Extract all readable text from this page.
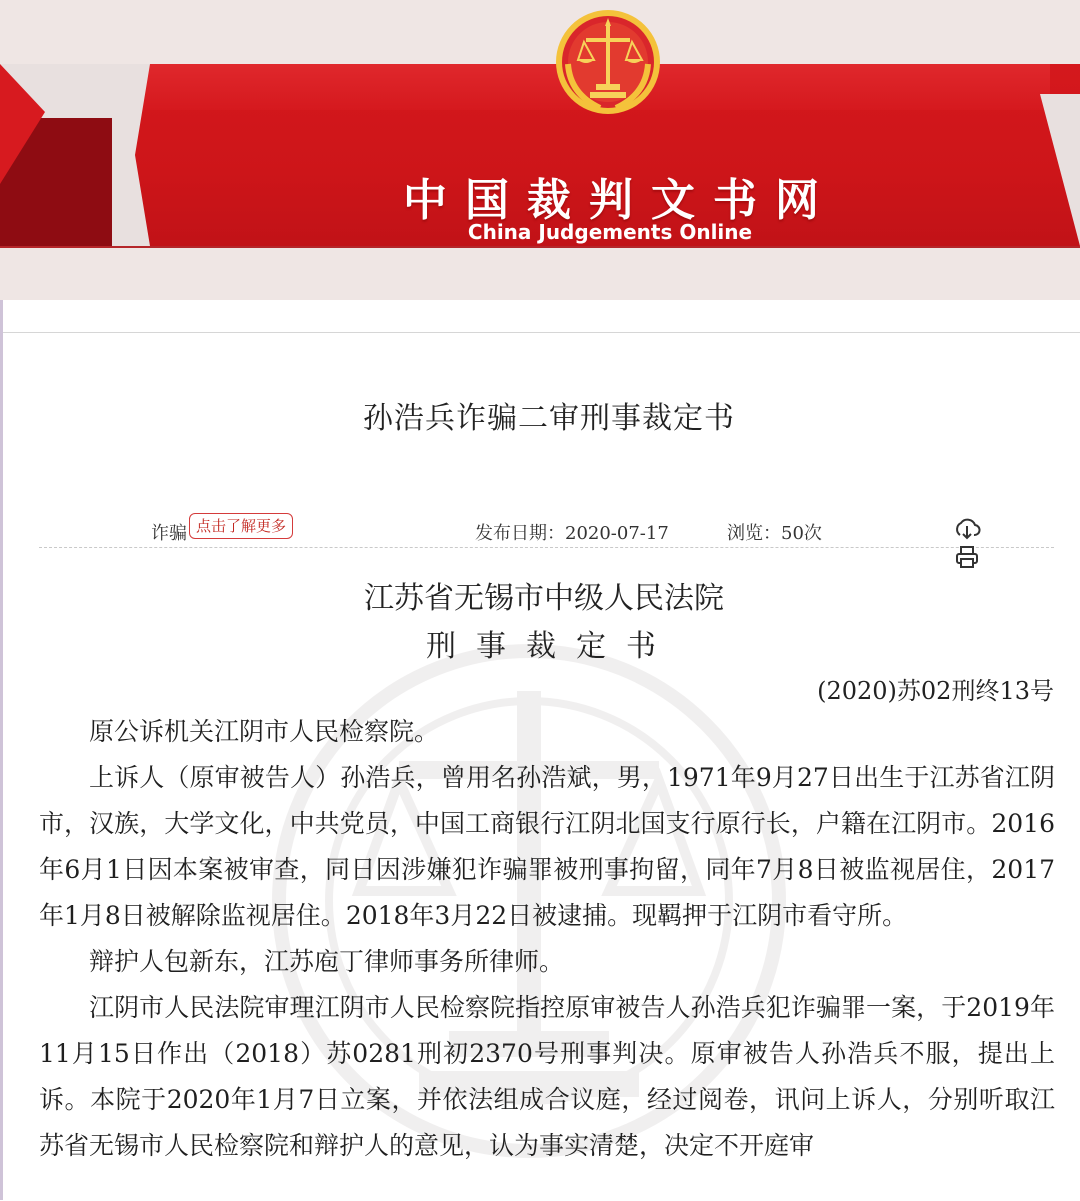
中国裁判文书网
China Judgements Online
孙浩兵诈骗二审刑事裁定书
诈骗 点击了解更多	发布日期：2020-07-17	浏览：50次

江苏省无锡市中级人民法院
刑事裁定书
(2020)苏02刑终13号

原公诉机关江阴市人民检察院。

上诉人（原审被告人）孙浩兵，曾用名孙浩斌，男，1971年9月27日出生于江苏省江阴市，汉族，大学文化，中共党员，中国工商银行江阴北国支行原行长，户籍在江阴市。2016年6月1日因本案被审查，同日因涉嫌犯诈骗罪被刑事拘留，同年7月8日被监视居住，2017年1月8日被解除监视居住。2018年3月22日被逮捕。现羁押于江阴市看守所。

辩护人包新东，江苏庖丁律师事务所律师。

江阴市人民法院审理江阴市人民检察院指控原审被告人孙浩兵犯诈骗罪一案，于2019年11月15日作出（2018）苏0281刑初2370号刑事判决。原审被告人孙浩兵不服，提出上诉。本院于2020年1月7日立案，并依法组成合议庭，经过阅卷，讯问上诉人，分别听取江苏省无锡市人民检察院和辩护人的意见，认为事实清楚，决定不开庭审
